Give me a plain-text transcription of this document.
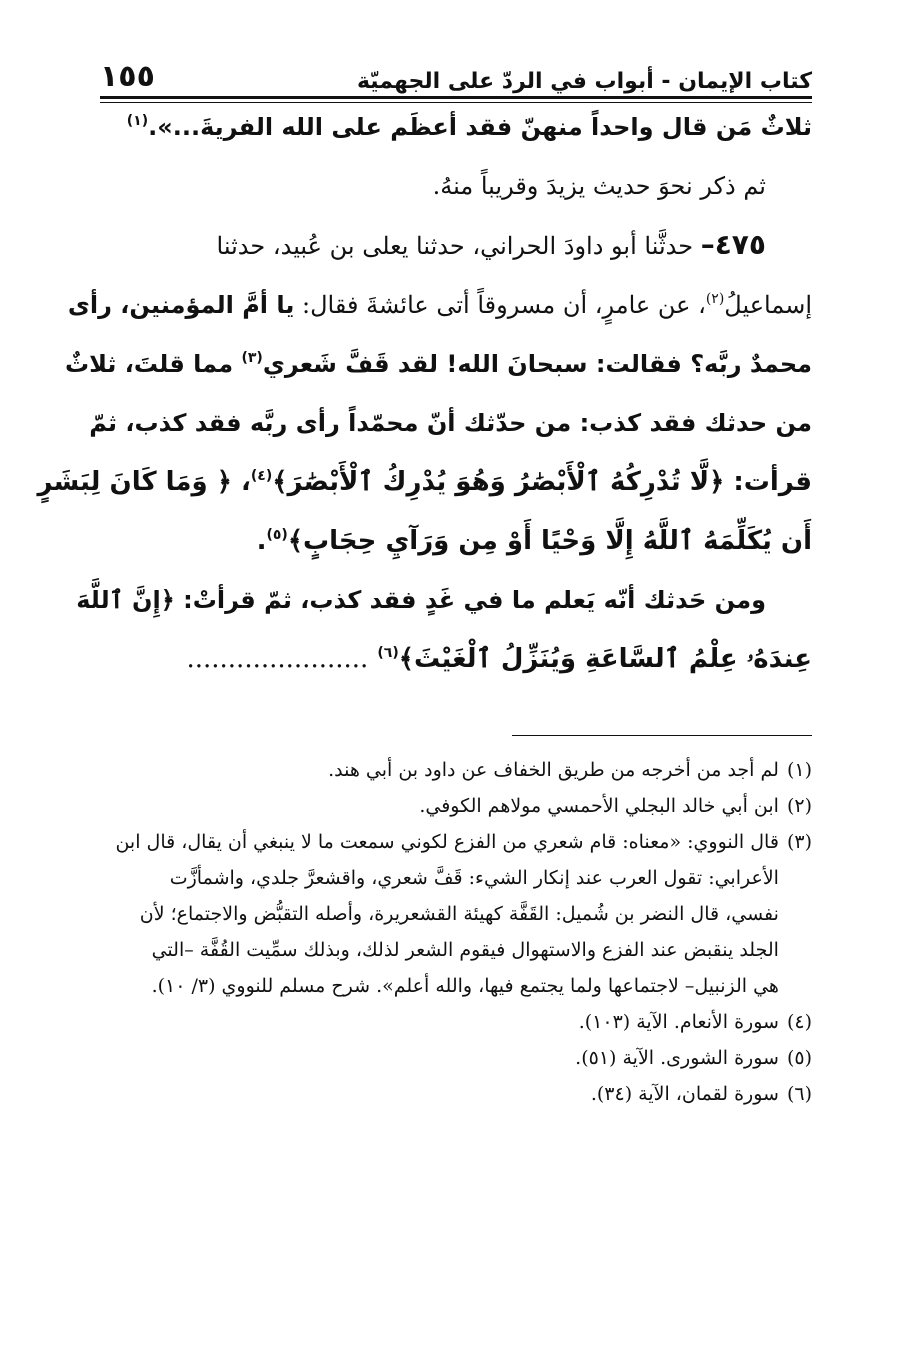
كتاب الإيمان - أبواب في الردّ على الجهميّة
١٥٥
ثلاثٌ مَن قال واحداً منهنّ فقد أعظَم على الله الفريةَ...».$^{(١)}$
ثم ذكر نحوَ حديث يزيدَ وقريباً منهُ.
٤٧٥– حدثَّنا أبو داودَ الحراني، حدثنا يعلى بن عُبيد، حدثنا
إسماعيلُ$^{(٢)}$، عن عامرٍ، أن مسروقاً أتى عائشةَ فقال: يا أمَّ المؤمنين، رأى
محمدٌ ربَّه؟ فقالت: سبحانَ الله! لقد قَفَّ شَعري$^{(٣)}$ مما قلتَ، ثلاثٌ
من حدثك فقد كذب: من حدّثك أنّ محمّداً رأى ربَّه فقد كذب، ثمّ
قرأت: ﴿لَّا تُدْرِكُهُ ٱلْأَبْصَٰرُ وَهُوَ يُدْرِكُ ٱلْأَبْصَٰرَ﴾$^{(٤)}$، ﴿ وَمَا كَانَ لِبَشَرٍ
أَن يُكَلِّمَهُ ٱللَّهُ إِلَّا وَحْيًا أَوْ مِن وَرَآيِ حِجَابٍ﴾$^{(٥)}$.
ومن حَدثك أنّه يَعلم ما في غَدٍ فقد كذب، ثمّ قرأتْ: ﴿إِنَّ ٱللَّهَ
عِندَهُۥ عِلْمُ ٱلسَّاعَةِ وَيُنَزِّلُ ٱلْغَيْثَ﴾$^{(٦)}$ ......................
(١)
لم أجد من أخرجه من طريق الخفاف عن داود بن أبي هند.
(٢)
ابن أبي خالد البجلي الأحمسي مولاهم الكوفي.
(٣)
قال النووي: «معناه: قام شعري من الفزع لكوني سمعت ما لا ينبغي أن يقال، قال ابن
الأعرابي: تقول العرب عند إنكار الشيء: قَفَّ شعري، واقشعرَّ جلدي، واشمأزَّت
نفسي، قال النضر بن شُميل: القَفَّة كهيئة القشعريرة، وأصله التقبُّض والاجتماع؛ لأن
الجلد ينقبض عند الفزع والاستهوال فيقوم الشعر لذلك، وبذلك سمِّيت القُفَّة –التي
هي الزنبيل– لاجتماعها ولما يجتمع فيها، والله أعلم». شرح مسلم للنووي (٣/ ١٠).
(٤)
سورة الأنعام. الآية (١٠٣).
(٥)
سورة الشورى. الآية (٥١).
(٦)
سورة لقمان، الآية (٣٤).
